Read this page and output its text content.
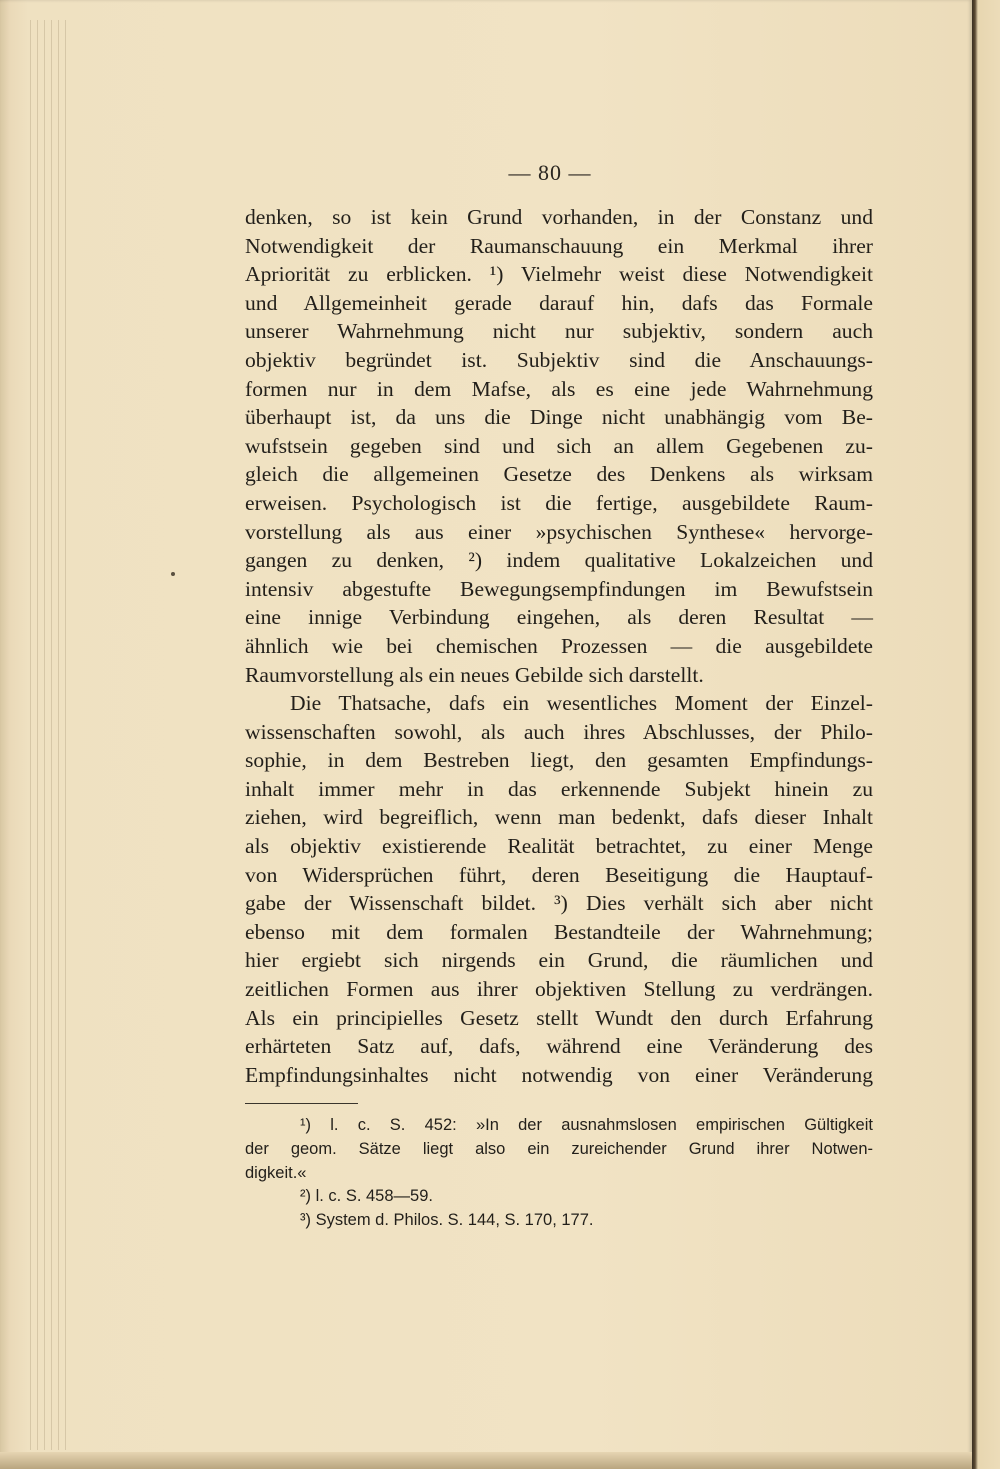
— 80 —
denken, so ist kein Grund vorhanden, in der Constanz und
Notwendigkeit der Raumanschauung ein Merkmal ihrer
Apriorität zu erblicken. ¹) Vielmehr weist diese Notwendigkeit
und Allgemeinheit gerade darauf hin, dafs das Formale
unserer Wahrnehmung nicht nur subjektiv, sondern auch
objektiv begründet ist. Subjektiv sind die Anschauungs-
formen nur in dem Mafse, als es eine jede Wahrnehmung
überhaupt ist, da uns die Dinge nicht unabhängig vom Be-
wufstsein gegeben sind und sich an allem Gegebenen zu-
gleich die allgemeinen Gesetze des Denkens als wirksam
erweisen. Psychologisch ist die fertige, ausgebildete Raum-
vorstellung als aus einer »psychischen Synthese« hervorge-
gangen zu denken, ²) indem qualitative Lokalzeichen und
intensiv abgestufte Bewegungsempfindungen im Bewufstsein
eine innige Verbindung eingehen, als deren Resultat —
ähnlich wie bei chemischen Prozessen — die ausgebildete
Raumvorstellung als ein neues Gebilde sich darstellt.
Die Thatsache, dafs ein wesentliches Moment der Einzel-
wissenschaften sowohl, als auch ihres Abschlusses, der Philo-
sophie, in dem Bestreben liegt, den gesamten Empfindungs-
inhalt immer mehr in das erkennende Subjekt hinein zu
ziehen, wird begreiflich, wenn man bedenkt, dafs dieser Inhalt
als objektiv existierende Realität betrachtet, zu einer Menge
von Widersprüchen führt, deren Beseitigung die Hauptauf-
gabe der Wissenschaft bildet. ³) Dies verhält sich aber nicht
ebenso mit dem formalen Bestandteile der Wahrnehmung;
hier ergiebt sich nirgends ein Grund, die räumlichen und
zeitlichen Formen aus ihrer objektiven Stellung zu verdrängen.
Als ein principielles Gesetz stellt Wundt den durch Erfahrung
erhärteten Satz auf, dafs, während eine Veränderung des
Empfindungsinhaltes nicht notwendig von einer Veränderung
¹) l. c. S. 452: »In der ausnahmslosen empirischen Gültigkeit
der geom. Sätze liegt also ein zureichender Grund ihrer Notwen-
digkeit.«
²) l. c. S. 458—59.
³) System d. Philos. S. 144, S. 170, 177.
